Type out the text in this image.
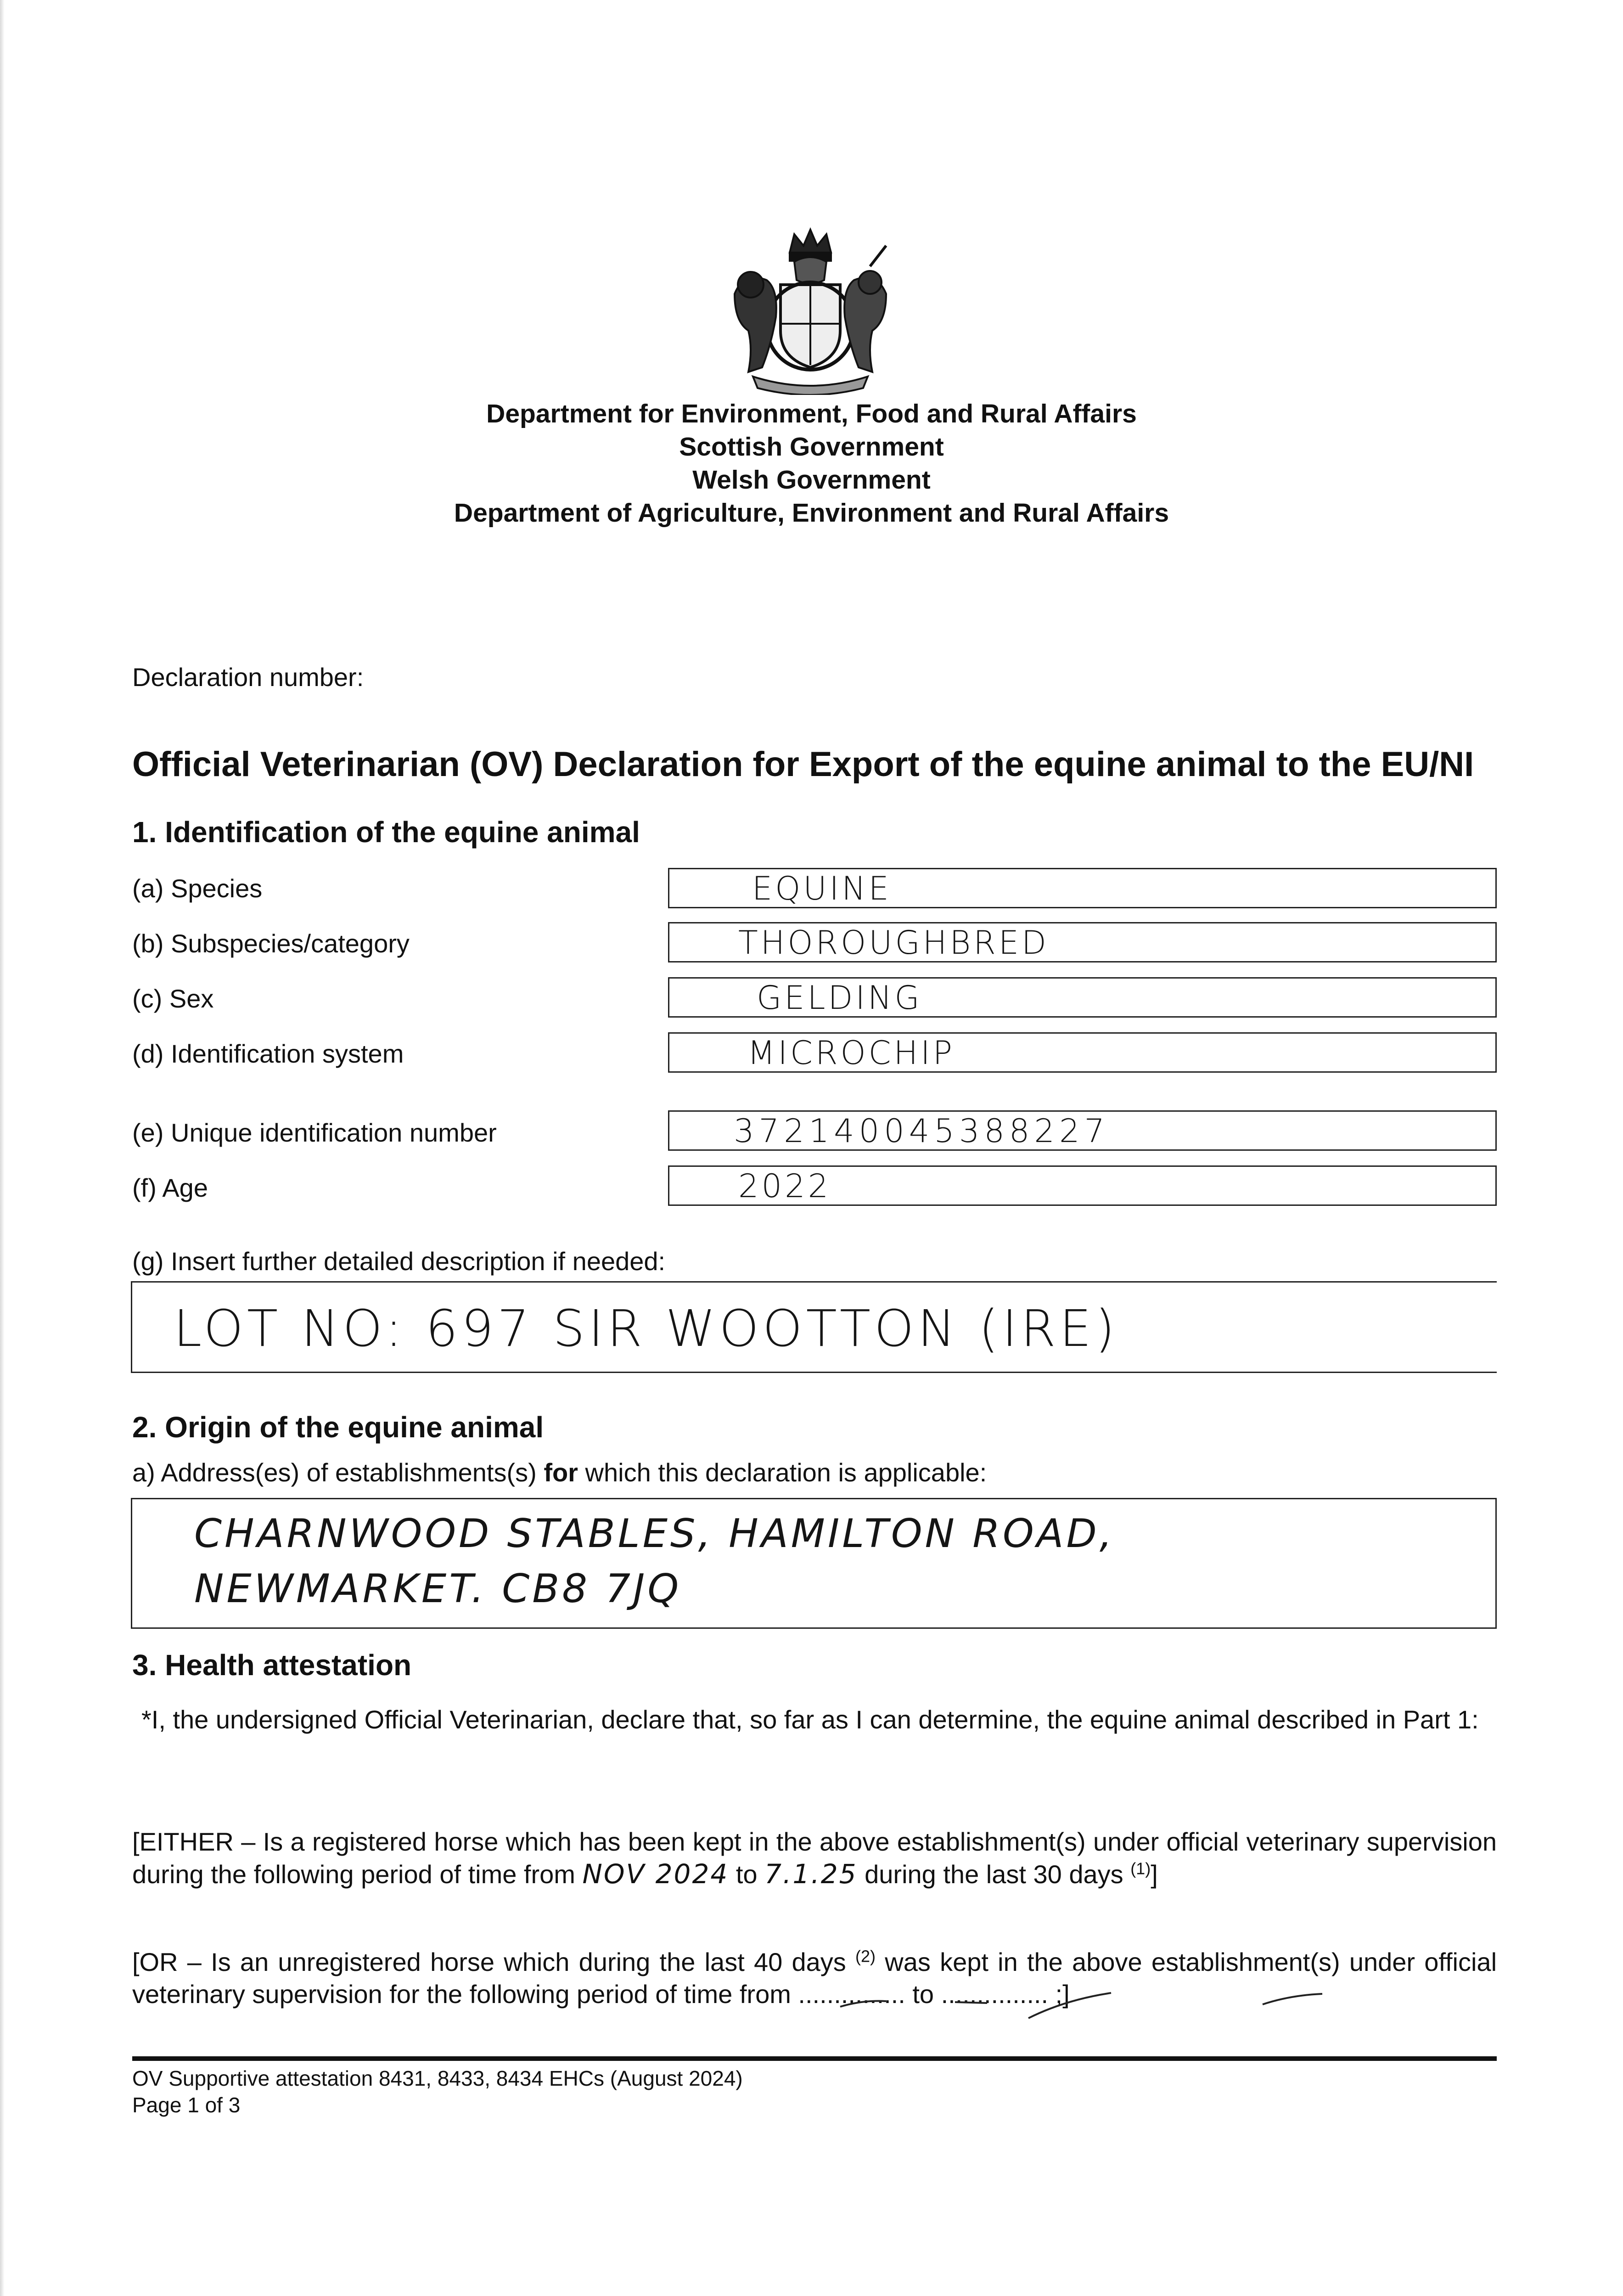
Department for Environment, Food and Rural Affairs
Scottish Government
Welsh Government
Department of Agriculture, Environment and Rural Affairs
Declaration number:
Official Veterinarian (OV) Declaration for Export of the equine animal to the EU/NI
1. Identification of the equine animal
(a) Species	EQUINE
(b) Subspecies/category	THOROUGHBRED
(c) Sex	GELDING
(d) Identification system	MICROCHIP
(e) Unique identification number	372140045388227
(f) Age	2022
(g) Insert further detailed description if needed:
LOT NO: 697 SIR WOOTTON (IRE)
2. Origin of the equine animal
a) Address(es) of establishments(s) for which this declaration is applicable:
CHARNWOOD STABLES, HAMILTON ROAD,
NEWMARKET. CB8 7JQ
3. Health attestation
*I, the undersigned Official Veterinarian, declare that, so far as I can determine, the equine animal described in Part 1:
[EITHER – Is a registered horse which has been kept in the above establishment(s) under official veterinary supervision during the following period of time from NOV 2024 to 7.1.25 during the last 30 days $^{(1)}$]
[OR – Is an unregistered horse which during the last 40 days $^{(2)}$ was kept in the above establishment(s) under official veterinary supervision for the following period of time from ............... to ............... ;]
OV Supportive attestation 8431, 8433, 8434 EHCs (August 2024)
Page 1 of 3
